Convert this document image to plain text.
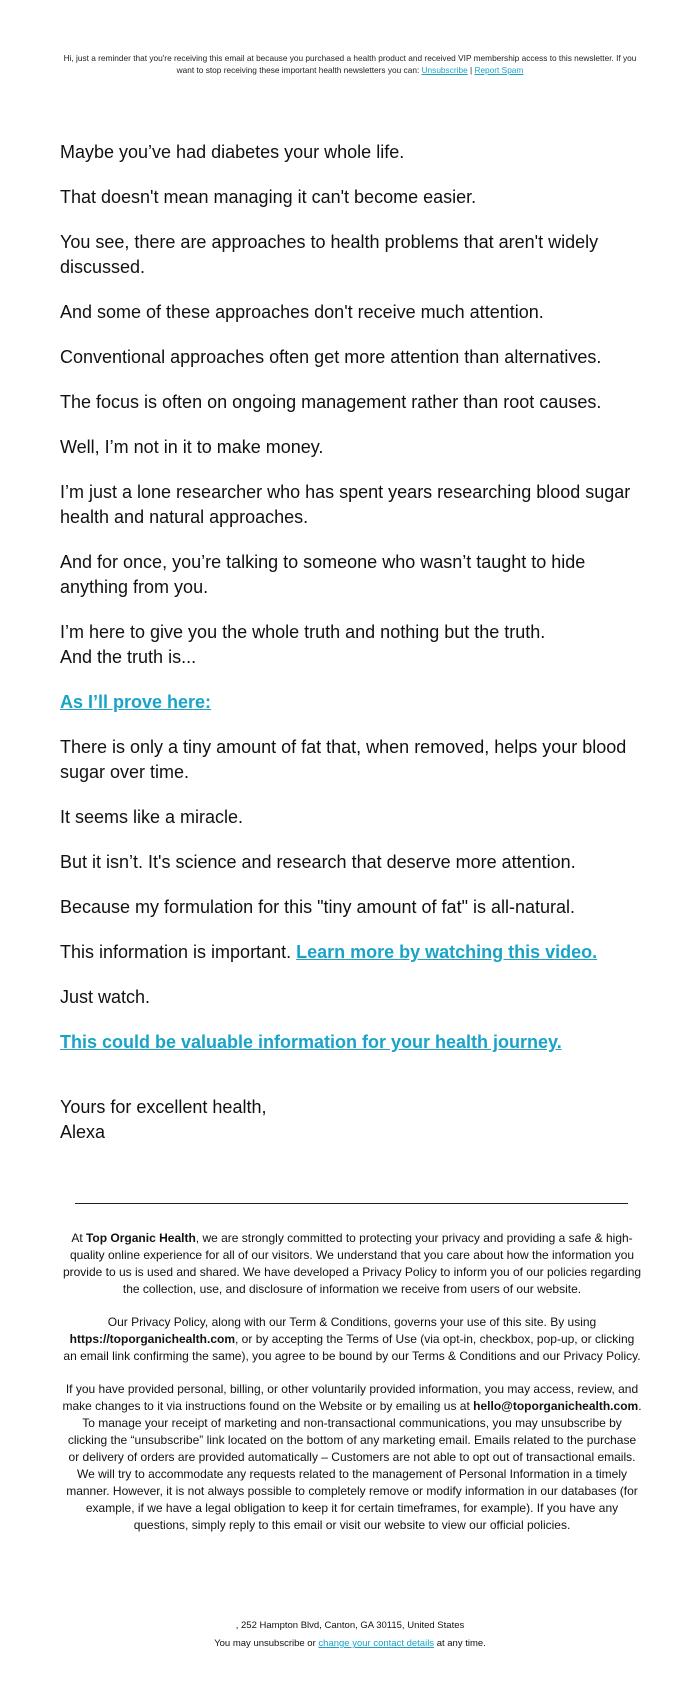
Hi, just a reminder that you're receiving this email at because you purchased a health product and received VIP membership access to this newsletter. If you want to stop receiving these important health newsletters you can: Unsubscribe | Report Spam

Maybe you’ve had diabetes your whole life.

That doesn't mean managing it can't become easier.

You see, there are approaches to health problems that aren't widely discussed.

And some of these approaches don't receive much attention.

Conventional approaches often get more attention than alternatives.

The focus is often on ongoing management rather than root causes.

Well, I’m not in it to make money.

I’m just a lone researcher who has spent years researching blood sugar health and natural approaches.

And for once, you’re talking to someone who wasn’t taught to hide anything from you.

I’m here to give you the whole truth and nothing but the truth.
And the truth is...

As I’ll prove here:

There is only a tiny amount of fat that, when removed, helps your blood sugar over time.

It seems like a miracle.

But it isn’t. It's science and research that deserve more attention.

Because my formulation for this "tiny amount of fat" is all-natural.

This information is important. Learn more by watching this video.

Just watch.

This could be valuable information for your health journey.

Yours for excellent health,
Alexa

At Top Organic Health, we are strongly committed to protecting your privacy and providing a safe & high-quality online experience for all of our visitors. We understand that you care about how the information you provide to us is used and shared. We have developed a Privacy Policy to inform you of our policies regarding the collection, use, and disclosure of information we receive from users of our website.

Our Privacy Policy, along with our Term & Conditions, governs your use of this site. By using https://toporganichealth.com, or by accepting the Terms of Use (via opt-in, checkbox, pop-up, or clicking an email link confirming the same), you agree to be bound by our Terms & Conditions and our Privacy Policy.

If you have provided personal, billing, or other voluntarily provided information, you may access, review, and make changes to it via instructions found on the Website or by emailing us at hello@toporganichealth.com. To manage your receipt of marketing and non-transactional communications, you may unsubscribe by clicking the “unsubscribe” link located on the bottom of any marketing email. Emails related to the purchase or delivery of orders are provided automatically – Customers are not able to opt out of transactional emails. We will try to accommodate any requests related to the management of Personal Information in a timely manner. However, it is not always possible to completely remove or modify information in our databases (for example, if we have a legal obligation to keep it for certain timeframes, for example). If you have any questions, simply reply to this email or visit our website to view our official policies.

, 252 Hampton Blvd, Canton, GA 30115, United States
You may unsubscribe or change your contact details at any time.
